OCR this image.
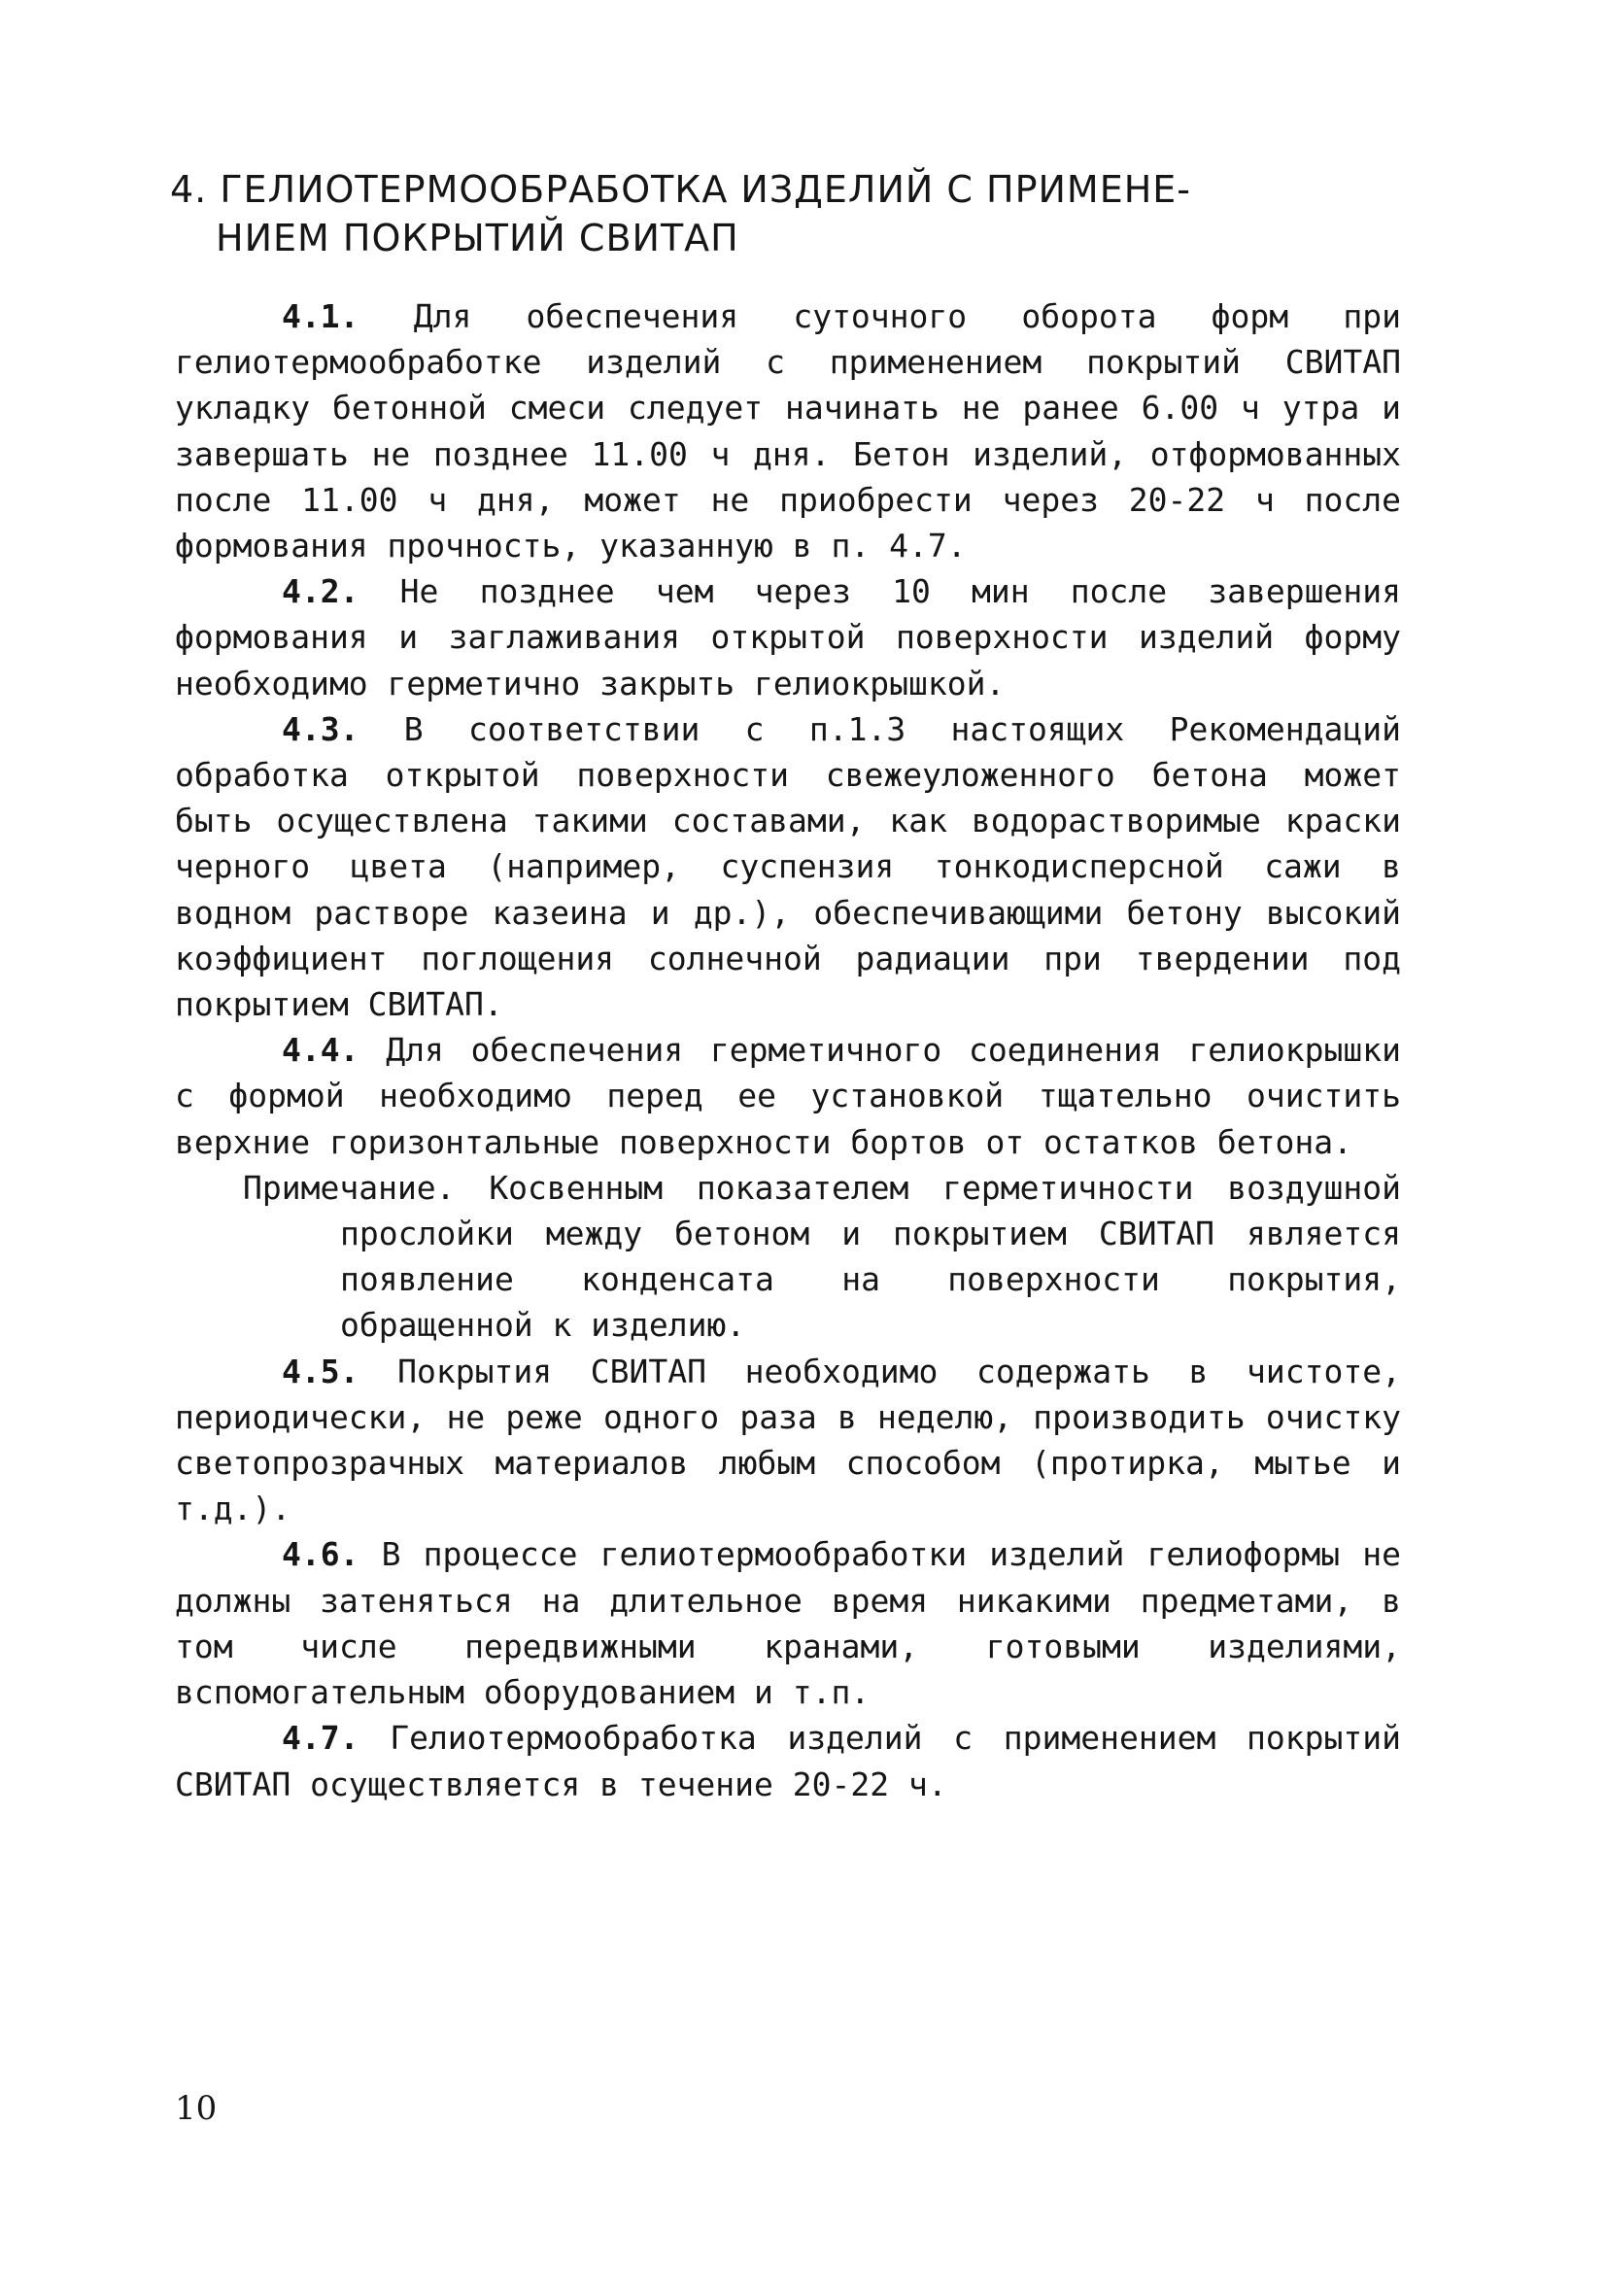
4. ГЕЛИОТЕРМООБРАБОТКА ИЗДЕЛИЙ С ПРИМЕНЕ-
НИЕМ ПОКРЫТИЙ СВИТАП

4.1. Для обеспечения суточного оборота форм при гелиотермообработке изделий с применением покрытий СВИТАП укладку бетонной смеси следует начинать не ранее 6.00 ч утра и завершать не позднее 11.00 ч дня. Бетон изделий, отформованных после 11.00 ч дня, может не приобрести через 20-22 ч после формования прочность, указанную в п. 4.7.

4.2. Не позднее чем через 10 мин после завершения формования и заглаживания открытой поверхности изделий форму необходимо герметично закрыть гелиокрышкой.

4.3. В соответствии с п.1.3 настоящих Рекомендаций обработка открытой поверхности свежеуложенного бетона может быть осуществлена такими составами, как водорастворимые краски черного цвета (например, суспензия тонкодисперсной сажи в водном растворе казеина и др.), обеспечивающими бетону высокий коэффициент поглощения солнечной радиации при твердении под покрытием СВИТАП.

4.4. Для обеспечения герметичного соединения гелиокрышки с формой необходимо перед ее установкой тщательно очистить верхние горизонтальные поверхности бортов от остатков бетона.

Примечание. Косвенным показателем герметичности воздушной прослойки между бетоном и покрытием СВИТАП является появление конденсата на поверхности покрытия, обращенной к изделию.

4.5. Покрытия СВИТАП необходимо содержать в чистоте, периодически, не реже одного раза в неделю, производить очистку светопрозрачных материалов любым способом (протирка, мытье и т.д.).

4.6. В процессе гелиотермообработки изделий гелиоформы не должны затеняться на длительное время никакими предметами, в том числе передвижными кранами, готовыми изделиями, вспомогательным оборудованием и т.п.

4.7. Гелиотермообработка изделий с применением покрытий СВИТАП осуществляется в течение 20-22 ч.

10
